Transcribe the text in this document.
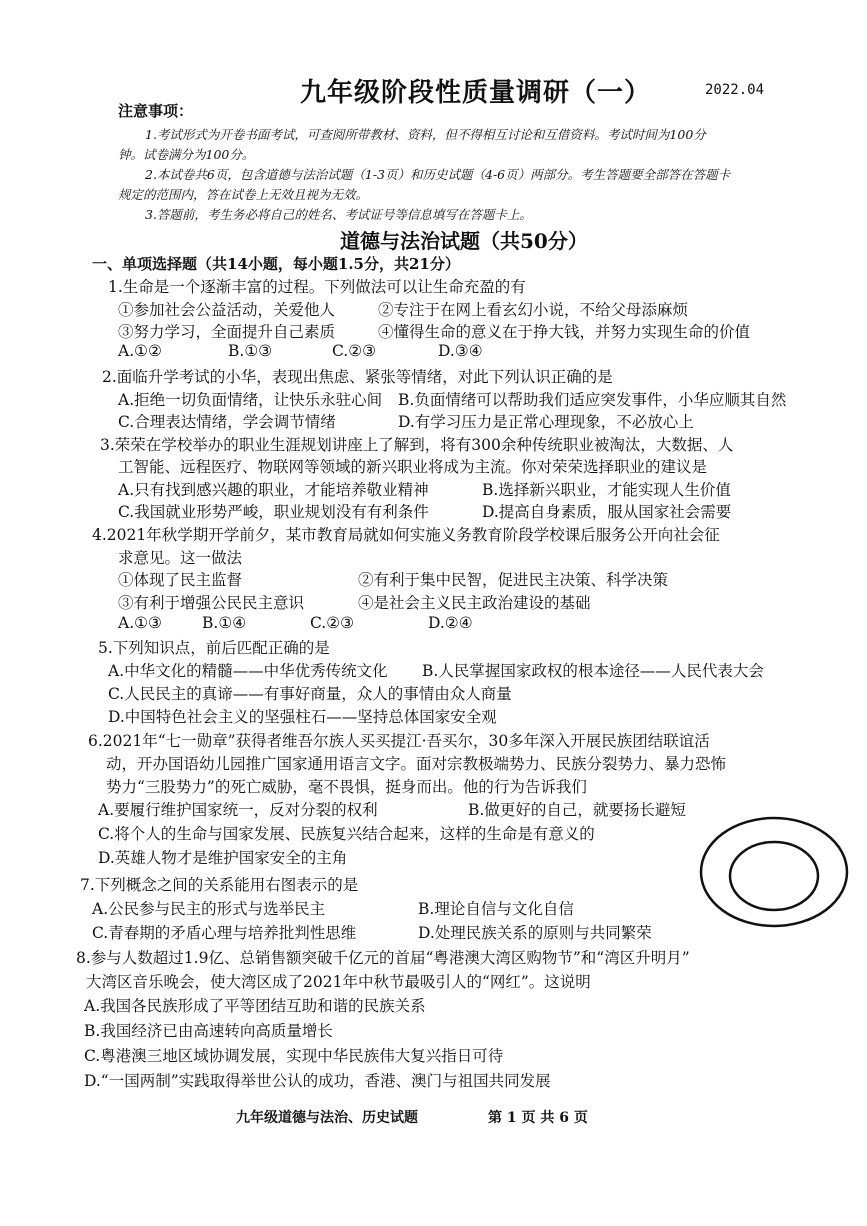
九年级阶段性质量调研（一）	2022.04
注意事项：
1.考试形式为开卷书面考试，可查阅所带教材、资料，但不得相互讨论和互借资料。考试时间为100分
钟。试卷满分为100分。
2.本试卷共6页，包含道德与法治试题（1-3页）和历史试题（4-6页）两部分。考生答题要全部答在答题卡
规定的范围内，答在试卷上无效且视为无效。
3.答题前，考生务必将自己的姓名、考试证号等信息填写在答题卡上。
道德与法治试题（共50分）
一、单项选择题（共14小题，每小题1.5分，共21分）
1.生命是一个逐渐丰富的过程。下列做法可以让生命充盈的有
①参加社会公益活动，关爱他人	②专注于在网上看玄幻小说，不给父母添麻烦
③努力学习，全面提升自己素质	④懂得生命的意义在于挣大钱，并努力实现生命的价值
A.①②	B.①③	C.②③	D.③④
2.面临升学考试的小华，表现出焦虑、紧张等情绪，对此下列认识正确的是
A.拒绝一切负面情绪，让快乐永驻心间 B.负面情绪可以帮助我们适应突发事件，小华应顺其自然
C.合理表达情绪，学会调节情绪	D.有学习压力是正常心理现象，不必放心上
3.荣荣在学校举办的职业生涯规划讲座上了解到，将有300余种传统职业被淘汰，大数据、人
工智能、远程医疗、物联网等领域的新兴职业将成为主流。你对荣荣选择职业的建议是
A.只有找到感兴趣的职业，才能培养敬业精神	B.选择新兴职业，才能实现人生价值
C.我国就业形势严峻，职业规划没有有利条件	D.提高自身素质，服从国家社会需要
4.2021年秋学期开学前夕，某市教育局就如何实施义务教育阶段学校课后服务公开向社会征
求意见。这一做法
①体现了民主监督	②有利于集中民智，促进民主决策、科学决策
③有利于增强公民民主意识	④是社会主义民主政治建设的基础
A.①③	B.①④	C.②③	D.②④
5.下列知识点，前后匹配正确的是
A.中华文化的精髓——中华优秀传统文化 B.人民掌握国家政权的根本途径——人民代表大会
C.人民民主的真谛——有事好商量，众人的事情由众人商量
D.中国特色社会主义的坚强柱石——坚持总体国家安全观
6.2021年“七一勋章”获得者维吾尔族人买买提江·吾买尔，30多年深入开展民族团结联谊活
动，开办国语幼儿园推广国家通用语言文字。面对宗教极端势力、民族分裂势力、暴力恐怖
势力“三股势力”的死亡威胁，毫不畏惧，挺身而出。他的行为告诉我们
A.要履行维护国家统一，反对分裂的权利	B.做更好的自己，就要扬长避短
C.将个人的生命与国家发展、民族复兴结合起来，这样的生命是有意义的
D.英雄人物才是维护国家安全的主角
7.下列概念之间的关系能用右图表示的是
A.公民参与民主的形式与选举民主	B.理论自信与文化自信
C.青春期的矛盾心理与培养批判性思维	D.处理民族关系的原则与共同繁荣
8.参与人数超过1.9亿、总销售额突破千亿元的首届“粤港澳大湾区购物节”和“湾区升明月”
大湾区音乐晚会，使大湾区成了2021年中秋节最吸引人的“网红”。这说明
A.我国各民族形成了平等团结互助和谐的民族关系
B.我国经济已由高速转向高质量增长
C.粤港澳三地区域协调发展，实现中华民族伟大复兴指日可待
D.“一国两制”实践取得举世公认的成功，香港、澳门与祖国共同发展
九年级道德与法治、历史试题	第 1 页 共 6 页
